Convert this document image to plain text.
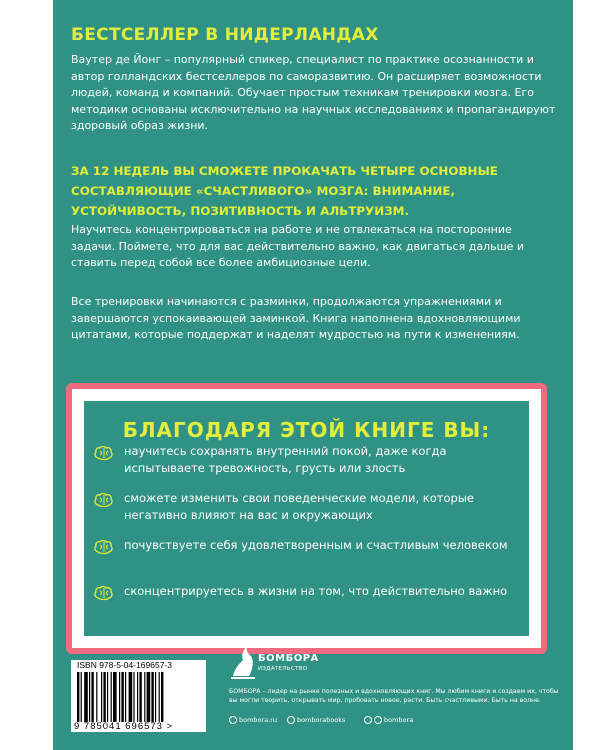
БЕСТСЕЛЛЕР В НИДЕРЛАНДАХ
Ваутер де Йонг – популярный спикер, специалист по практике осознанности и автор голландских бестселлеров по саморазвитию. Он расширяет возможности людей, команд и компаний. Обучает простым техникам тренировки мозга. Его методики основаны исключительно на научных исследованиях и пропагандируют здоровый образ жизни.
ЗА 12 НЕДЕЛЬ ВЫ СМОЖЕТЕ ПРОКАЧАТЬ ЧЕТЫРЕ ОСНОВНЫЕ СОСТАВЛЯЮЩИЕ «СЧАСТЛИВОГО» МОЗГА: ВНИМАНИЕ, УСТОЙЧИВОСТЬ, ПОЗИТИВНОСТЬ И АЛЬТРУИЗМ.
Научитесь концентрироваться на работе и не отвлекаться на посторонние задачи. Поймете, что для вас действительно важно, как двигаться дальше и ставить перед собой все более амбициозные цели.
Все тренировки начинаются с разминки, продолжаются упражнениями и завершаются успокаивающей заминкой. Книга наполнена вдохновляющими цитатами, которые поддержат и наделят мудростью на пути к изменениям.
БЛАГОДАРЯ ЭТОЙ КНИГЕ ВЫ:
научитесь сохранять внутренний покой, даже когда испытываете тревожность, грусть или злость
сможете изменить свои поведенческие модели, которые негативно влияют на вас и окружающих
почувствуете себя удовлетворенным и счастливым человеком
сконцентрируетесь в жизни на том, что действительно важно
ISBN 978-5-04-169657-3
9 785041 696573 >
БОМБОРА
ИЗДАТЕЛЬСТВО
БОМБОРА – лидер на рынке полезных и вдохновляющих книг. Мы любим книги и создаем их, чтобы вы могли творить, открывать мир, пробовать новое, расти. Быть счастливыми. Быть на волне.
bombora.ru	bomborabooks	bombora
